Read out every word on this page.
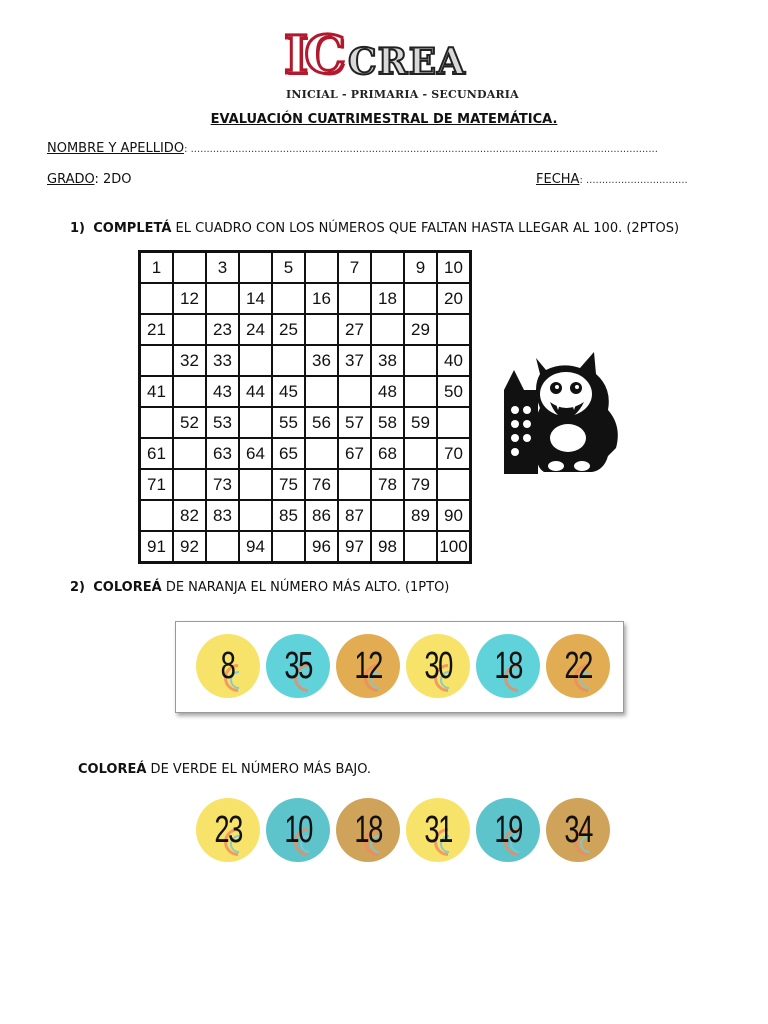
IC CREA
INICIAL - PRIMARIA - SECUNDARIA
EVALUACIÓN CUATRIMESTRAL DE MATEMÁTICA.
NOMBRE Y APELLIDO: ...................................................................................................................................................
GRADO: 2DO	FECHA: ................................
1) COMPLETÁ EL CUADRO CON LOS NÚMEROS QUE FALTAN HASTA LLEGAR AL 100. (2PTOS)
1		3		5		7		9	10
	12		14		16		18		20
21		23	24	25		27		29	
	32	33			36	37	38		40
41		43	44	45			48		50
	52	53		55	56	57	58	59	
61		63	64	65		67	68		70
71		73		75	76		78	79	
	82	83		85	86	87		89	90
91	92		94		96	97	98		100
2) COLOREÁ DE NARANJA EL NÚMERO MÁS ALTO. (1PTO)
8 35 12 30 18 22
COLOREÁ DE VERDE EL NÚMERO MÁS BAJO.
23 10 18 31 19 34
